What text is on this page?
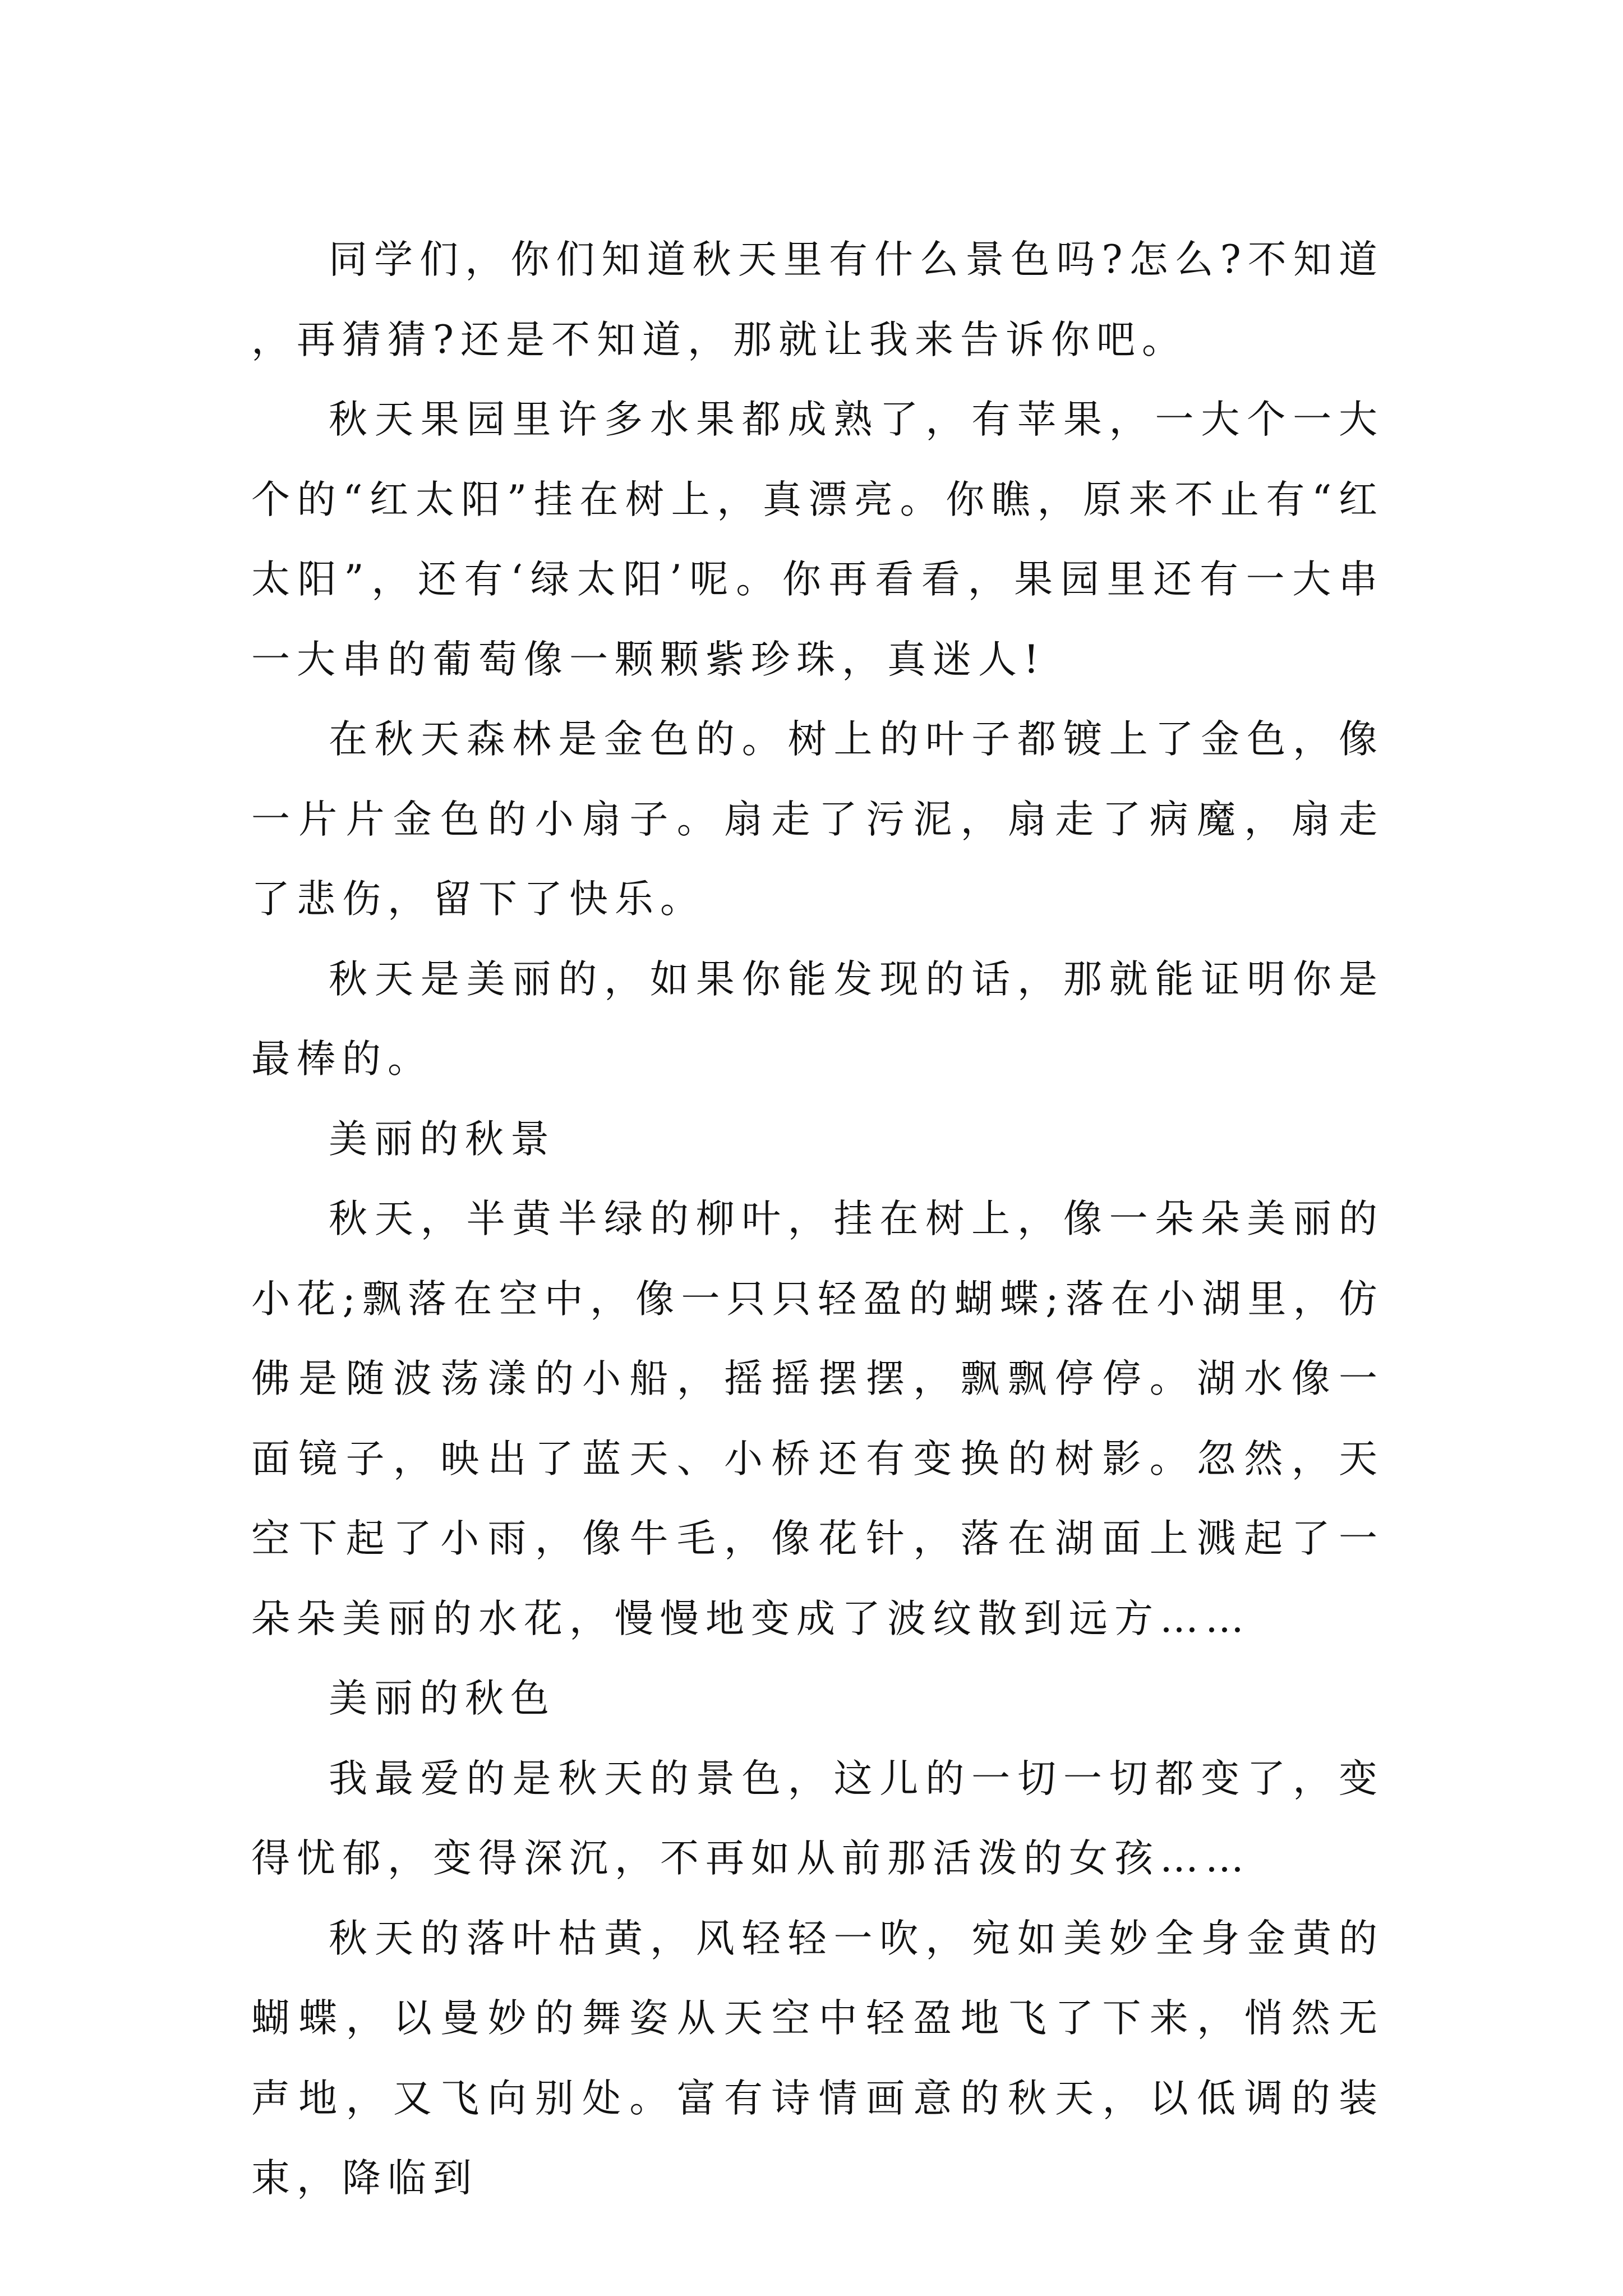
同学们，你们知道秋天里有什么景色吗?怎么?不知道，再猜猜?还是不知道，那就让我来告诉你吧。

秋天果园里许多水果都成熟了，有苹果，一大个一大个的“红太阳”挂在树上，真漂亮。你瞧，原来不止有“红太阳”，还有‘绿太阳’呢。你再看看，果园里还有一大串一大串的葡萄像一颗颗紫珍珠，真迷人!

在秋天森林是金色的。树上的叶子都镀上了金色，像一片片金色的小扇子。扇走了污泥，扇走了病魔，扇走了悲伤，留下了快乐。

秋天是美丽的，如果你能发现的话，那就能证明你是最棒的。

美丽的秋景

秋天，半黄半绿的柳叶，挂在树上，像一朵朵美丽的小花;飘落在空中，像一只只轻盈的蝴蝶;落在小湖里，仿佛是随波荡漾的小船，摇摇摆摆，飘飘停停。湖水像一面镜子，映出了蓝天、小桥还有变换的树影。忽然，天空下起了小雨，像牛毛，像花针，落在湖面上溅起了一朵朵美丽的水花，慢慢地变成了波纹散到远方……

美丽的秋色

我最爱的是秋天的景色，这儿的一切一切都变了，变得忧郁，变得深沉，不再如从前那活泼的女孩……

秋天的落叶枯黄，风轻轻一吹，宛如美妙全身金黄的蝴蝶，以曼妙的舞姿从天空中轻盈地飞了下来，悄然无声地，又飞向别处。富有诗情画意的秋天，以低调的装束，降临到
